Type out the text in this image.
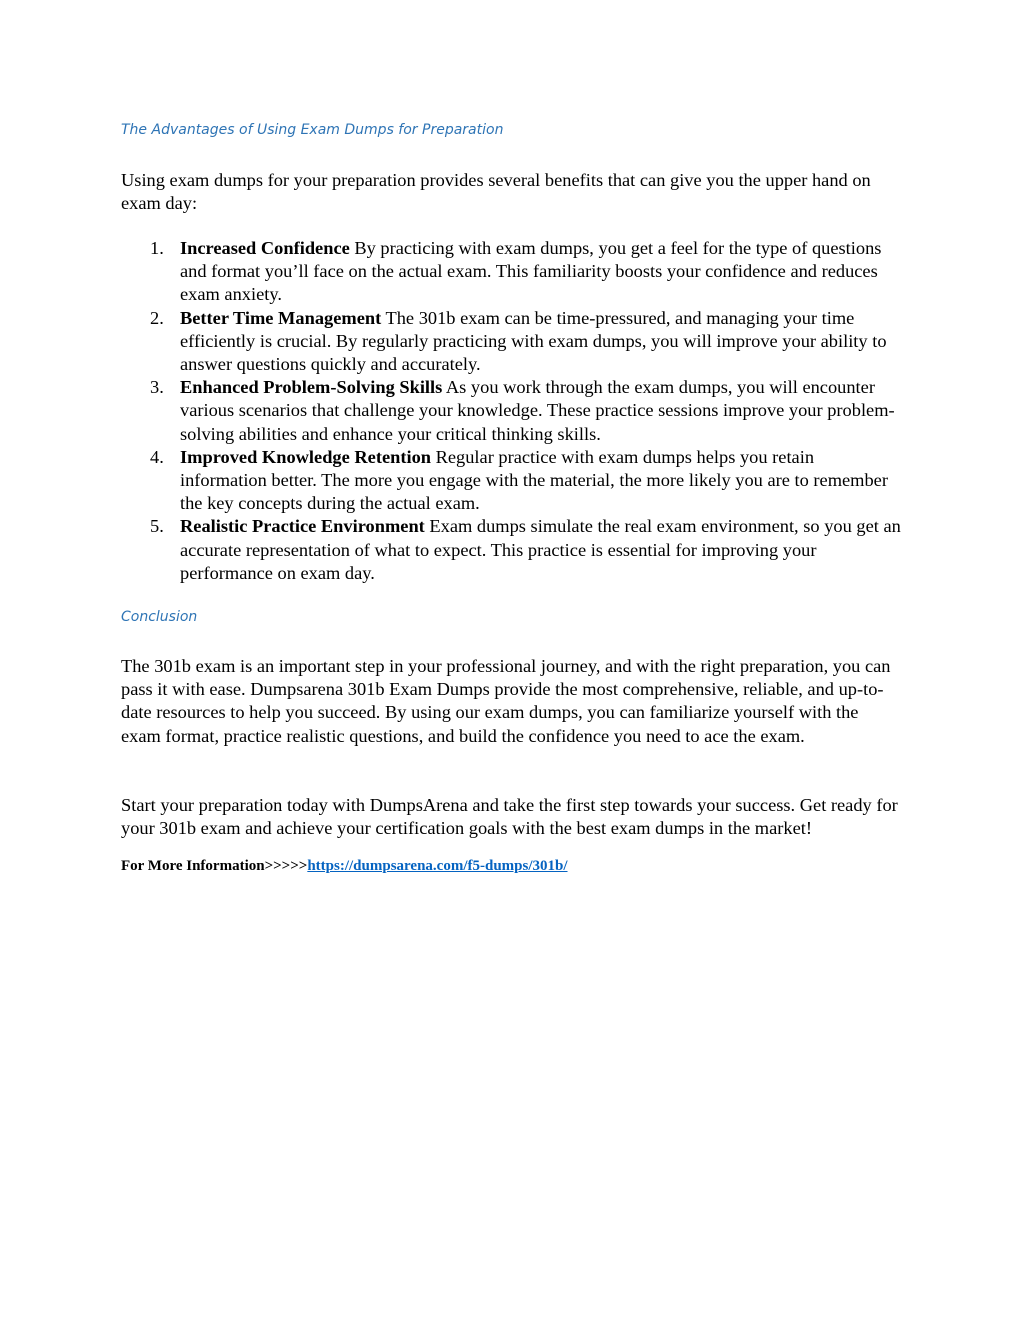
The Advantages of Using Exam Dumps for Preparation

Using exam dumps for your preparation provides several benefits that can give you the upper hand on exam day:

1. Increased Confidence By practicing with exam dumps, you get a feel for the type of questions and format you’ll face on the actual exam. This familiarity boosts your confidence and reduces exam anxiety.
2. Better Time Management The 301b exam can be time-pressured, and managing your time efficiently is crucial. By regularly practicing with exam dumps, you will improve your ability to answer questions quickly and accurately.
3. Enhanced Problem-Solving Skills As you work through the exam dumps, you will encounter various scenarios that challenge your knowledge. These practice sessions improve your problem-solving abilities and enhance your critical thinking skills.
4. Improved Knowledge Retention Regular practice with exam dumps helps you retain information better. The more you engage with the material, the more likely you are to remember the key concepts during the actual exam.
5. Realistic Practice Environment Exam dumps simulate the real exam environment, so you get an accurate representation of what to expect. This practice is essential for improving your performance on exam day.
Conclusion

The 301b exam is an important step in your professional journey, and with the right preparation, you can pass it with ease. Dumpsarena 301b Exam Dumps provide the most comprehensive, reliable, and up-to-date resources to help you succeed. By using our exam dumps, you can familiarize yourself with the exam format, practice realistic questions, and build the confidence you need to ace the exam.

Start your preparation today with DumpsArena and take the first step towards your success. Get ready for your 301b exam and achieve your certification goals with the best exam dumps in the market!

For More Information>>>>>https://dumpsarena.com/f5-dumps/301b/
